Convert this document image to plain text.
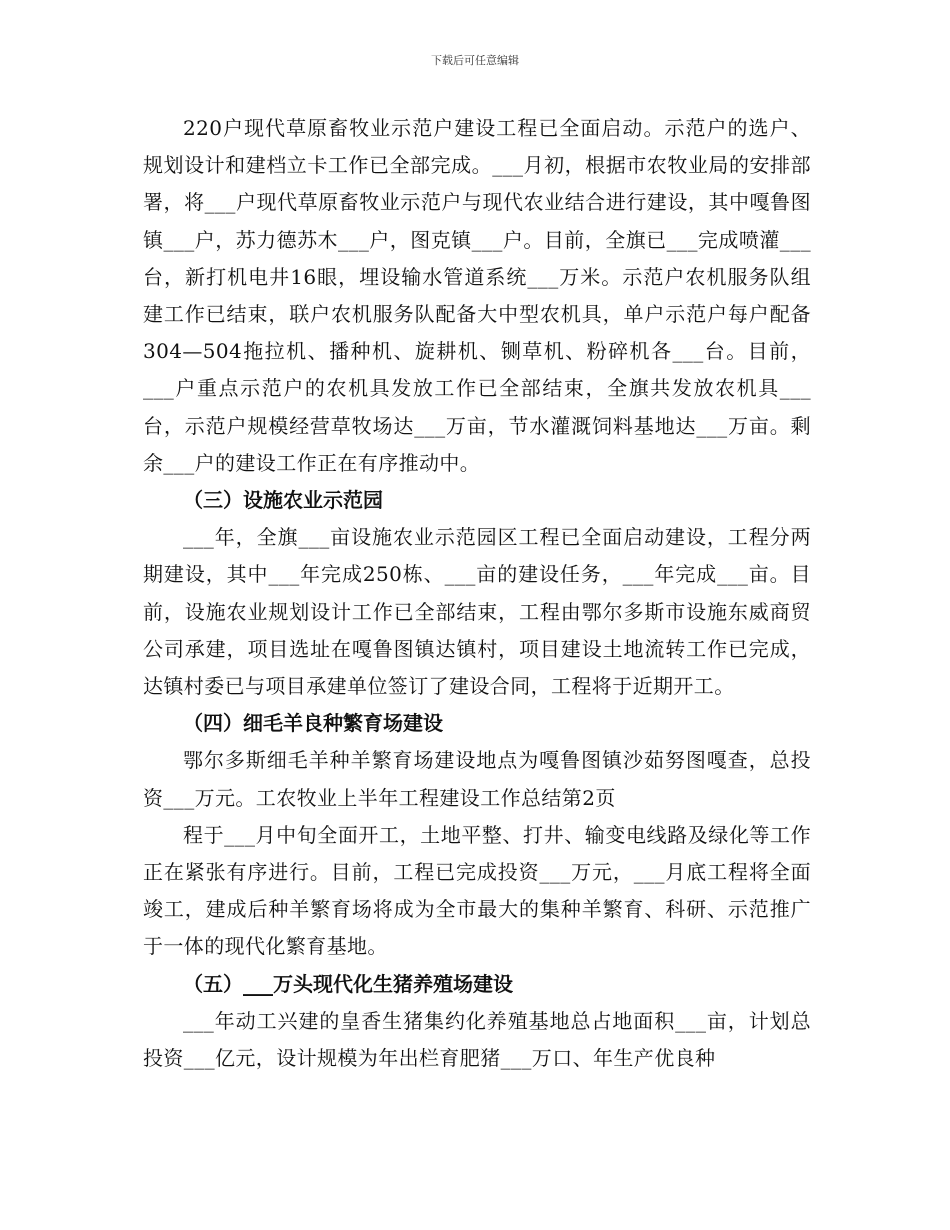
下载后可任意编辑

220户现代草原畜牧业示范户建设工程已全面启动。示范户的选户、规划设计和建档立卡工作已全部完成。___月初，根据市农牧业局的安排部署，将___户现代草原畜牧业示范户与现代农业结合进行建设，其中嘎鲁图镇___户，苏力德苏木___户，图克镇___户。目前，全旗已___完成喷灌___台，新打机电井16眼，埋设输水管道系统___万米。示范户农机服务队组建工作已结束，联户农机服务队配备大中型农机具，单户示范户每户配备304—504拖拉机、播种机、旋耕机、铡草机、粉碎机各___台。目前，___户重点示范户的农机具发放工作已全部结束，全旗共发放农机具___台，示范户规模经营草牧场达___万亩，节水灌溉饲料基地达___万亩。剩余___户的建设工作正在有序推动中。

（三）设施农业示范园

___年，全旗___亩设施农业示范园区工程已全面启动建设，工程分两期建设，其中___年完成250栋、___亩的建设任务，___年完成___亩。目前，设施农业规划设计工作已全部结束，工程由鄂尔多斯市设施东威商贸公司承建，项目选址在嘎鲁图镇达镇村，项目建设土地流转工作已完成，达镇村委已与项目承建单位签订了建设合同，工程将于近期开工。

（四）细毛羊良种繁育场建设

鄂尔多斯细毛羊种羊繁育场建设地点为嘎鲁图镇沙茹努图嘎查，总投资___万元。工农牧业上半年工程建设工作总结第2页

程于___月中旬全面开工，土地平整、打井、输变电线路及绿化等工作正在紧张有序进行。目前，工程已完成投资___万元，___月底工程将全面竣工，建成后种羊繁育场将成为全市最大的集种羊繁育、科研、示范推广于一体的现代化繁育基地。

（五）___万头现代化生猪养殖场建设

___年动工兴建的皇香生猪集约化养殖基地总占地面积___亩，计划总投资___亿元，设计规模为年出栏育肥猪___万口、年生产优良种
